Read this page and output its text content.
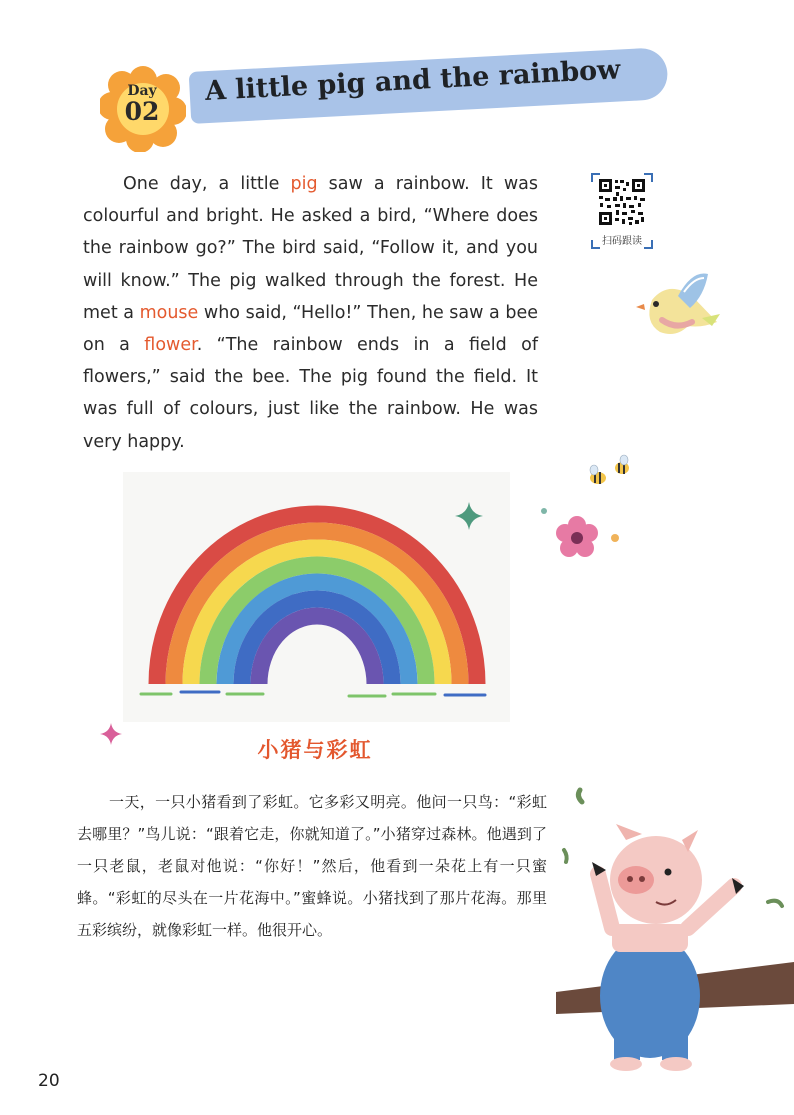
Day
02
A little pig and the rainbow

One day, a little pig saw a rainbow. It was colourful and bright. He asked a bird, “Where does the rainbow go?” The bird said, “Follow it, and you will know.” The pig walked through the forest. He met a mouse who said, “Hello!” Then, he saw a bee on a flower. “The rainbow ends in a field of flowers,” said the bee. The pig found the field. It was full of colours, just like the rainbow. He was very happy.

扫码跟读
小猪与彩虹

一天，一只小猪看到了彩虹。它多彩又明亮。他问一只鸟：“彩虹去哪里？”鸟儿说：“跟着它走，你就知道了。”小猪穿过森林。他遇到了一只老鼠，老鼠对他说：“你好！”然后，他看到一朵花上有一只蜜蜂。“彩虹的尽头在一片花海中。”蜜蜂说。小猪找到了那片花海。那里五彩缤纷，就像彩虹一样。他很开心。

20
